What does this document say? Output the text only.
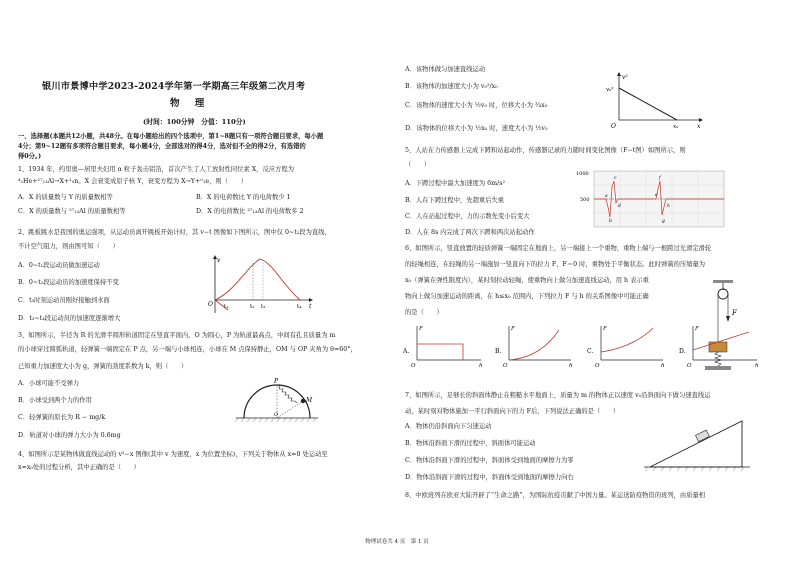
银川市景博中学2023-2024学年第一学期高三年级第二次月考
物 理
(时间：100分钟　分值：110分)
一、选择题(本题共12小题，共48分。在每小题给出的四个选项中，第1~8题只有一项符合题目要求，每小题
4分；第9~12题有多项符合题目要求，每小题4分，全部选对的得4分，选对但不全的得2分，有选错的
得0分。)
1、1934 年，约里奥—居里夫妇用 α 粒子轰击铝箔，首次产生了人工放射性同位素 X，反应方程为
⁴₂He+²⁷₁₃Al→X+¹₀n。X 会衰变成原子核 Y，衰变方程为 X→Y+⁰₁e，则（　　）
A．X 的质量数与 Y 的质量数相等	B．X 的电荷数比 Y 的电荷数少 1
C．X 的质量数与 ²⁷₁₃Al 的质量数相等	D．X 的电荷数比 ²⁷₁₃Al 的电荷数多 2
2、跳板跳水是我国的奥运强项，从运动员离开跳板开始计时，其 v−t 图像如下图所示，图中仅 0~t₂段为直线，
不计空气阻力，则由图可知（　　）
A．0~t₁段运动员做加速运动
B．0~t₂段运动员的加速度保持不变
C．t₃时刻运动员刚好接触到水面
D．t₃~t₄段运动员的加速度逐渐增大
v
t
O t₁	t₂ t₃	t₄
3、如图所示，半径为 R 的光滑半圆形轨道固定在竖直平面内，O 为圆心，P 为轨道最高点，中间有孔且质量为 m
的小球穿过圆弧轨道，轻弹簧一端固定在 P 点，另一端与小球相连，小球在 M 点保持静止，OM 与 OP 夹角为 θ=60°，
已知重力加速度大小为 g，弹簧的劲度系数为 k，则（　　）
A．小球可能不受弹力
B．小球受到两个力的作用
C．轻弹簧的原长为 R − mg/k
D．轨道对小球的弹力大小为 0.6mg
P
M
O
4、如图所示是某物体做直线运动的 v²−x 图像(其中 v 为速度，x 为位置坐标)，下列关于物体从 x=0 处运动至
x=x₀处的过程分析，其中正确的是（　　）
A．该物体做匀加速直线运动
B．该物体的加速度大小为 v₀²/x₀
C．该物体的速度大小为 ½v₀ 时，位移大小为 ¾x₀
D．该物体的位移大小为 ½x₀ 时，速度大小为 ½v₀
v²
v₀²
x
x₀
O
5、人站在力传感器上完成下蹲和站起动作，传感器记录的力随时间变化图像（F−t图）如图所示，则
（　　）
A．下蹲过程中最大加速度为 6m/s²
B．人在下蹲过程中，先超重后失重
C．人在站起过程中，力的示数先变小后变大
D．人在 8s 内完成了两次下蹲和两次站起动作
1000
500
a
b
c
d
e
f
g
h
6、如图所示，竖直放置的轻质弹簧一端固定在地面上，另一端接上一个重物，重物上端与一根跨过光滑定滑轮
的轻绳相连，在轻绳的另一端施加一竖直向下的拉力 F，F＝0 时，重物处于平衡状态。此时弹簧的压缩量为
x₀（弹簧在弹性限度内），某时刻拉动轻绳，使重物向上做匀加速直线运动，用 h 表示重
物向上做匀加速运动的距离，在 h≤x₀ 范围内，下列拉力 F 与 h 的关系图像中可能正确
的是（　　）	F
A.
F
h
O
B.
F
h
O
C.
F
h
O
D.
F
h
O
7、如图所示，足够长的斜面体静止在粗糙水平地面上，质量为 m 的物体正以速度 v₀沿斜面向下做匀速直线运
动，某时刻对物体施加一平行斜面向下的力 F后，下列说法正确的是（　　）
A．物体仍沿斜面向下匀速运动
B．物体沿斜面下滑的过程中，斜面体可能运动
C．物体沿斜面下滑的过程中，斜面体受到地面的摩擦力为零
D．物体沿斜面下滑的过程中，斜面体受到地面的摩擦力向右
8、中欧班列在欧亚大陆开辟了“生命之路”，为国际抗疫贡献了中国力量。某运送防疫物资的班列，由质量相
物理试卷共 4 页　第 1 页
